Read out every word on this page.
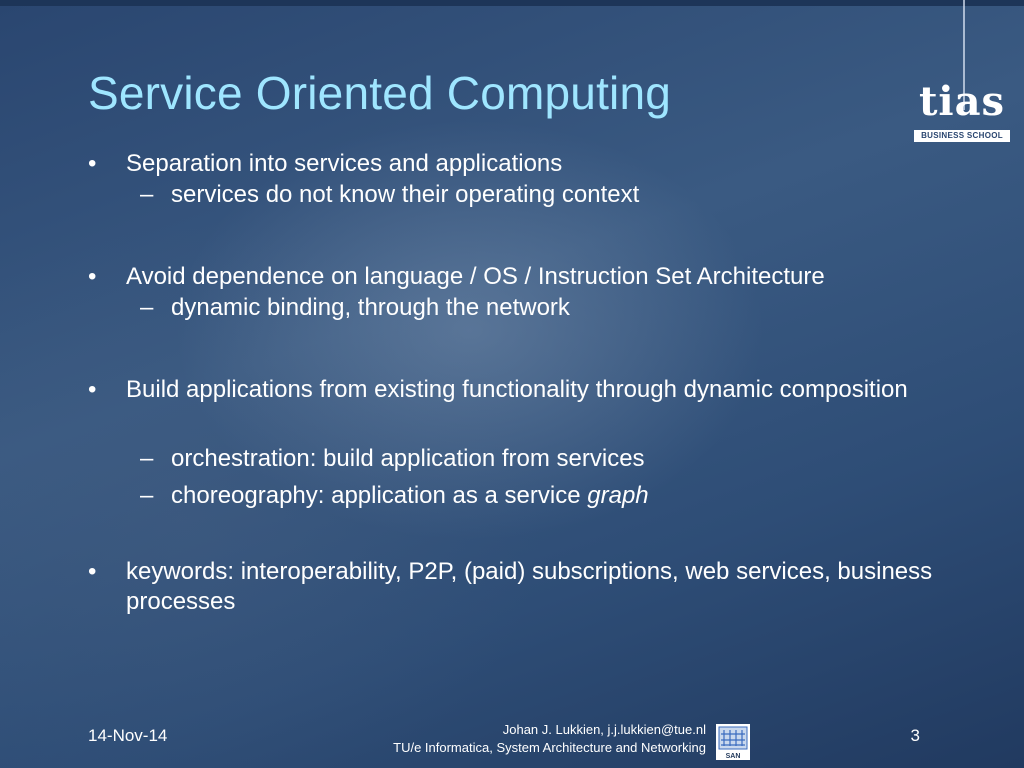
Service Oriented Computing	tias
BUSINESS SCHOOL
•	Separation into services and applications
– services do not know their operating context
•	Avoid dependence on language / OS / Instruction Set Architecture
– dynamic binding, through the network
•	Build applications from existing functionality through dynamic composition
– orchestration: build application from services
– choreography: application as a service graph
•	keywords: interoperability, P2P, (paid) subscriptions, web services, business processes
14-Nov-14	Johan J. Lukkien, j.j.lukkien@tue.nl
TU/e Informatica, System Architecture and Networking
SAN
3
